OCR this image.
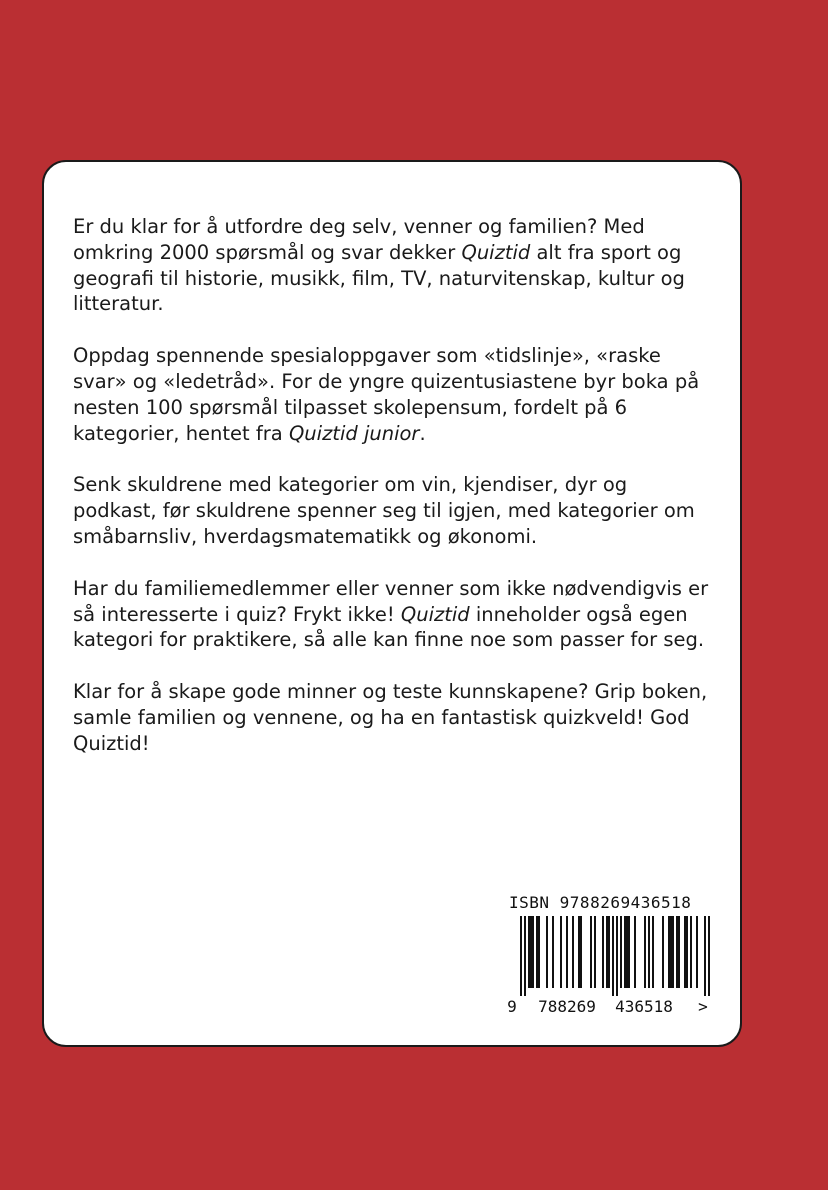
Er du klar for å utfordre deg selv, venner og familien? Med omkring 2000 spørsmål og svar dekker Quiztid alt fra sport og geografi til historie, musikk, film, TV, naturvitenskap, kultur og litteratur.

Oppdag spennende spesialoppgaver som «tidslinje», «raske svar» og «ledetråd». For de yngre quizentusiastene byr boka på nesten 100 spørsmål tilpasset skolepensum, fordelt på 6 kategorier, hentet fra Quiztid junior.

Senk skuldrene med kategorier om vin, kjendiser, dyr og podkast, før skuldrene spenner seg til igjen, med kategorier om småbarnsliv, hverdagsmatematikk og økonomi.

Har du familiemedlemmer eller venner som ikke nødvendigvis er så interesserte i quiz? Frykt ikke! Quiztid inneholder også egen kategori for praktikere, så alle kan finne noe som passer for seg.

Klar for å skape gode minner og teste kunnskapene? Grip boken, samle familien og vennene, og ha en fantastisk quizkveld! God Quiztid!

ISBN 9788269436518
9 788269 436518 >
